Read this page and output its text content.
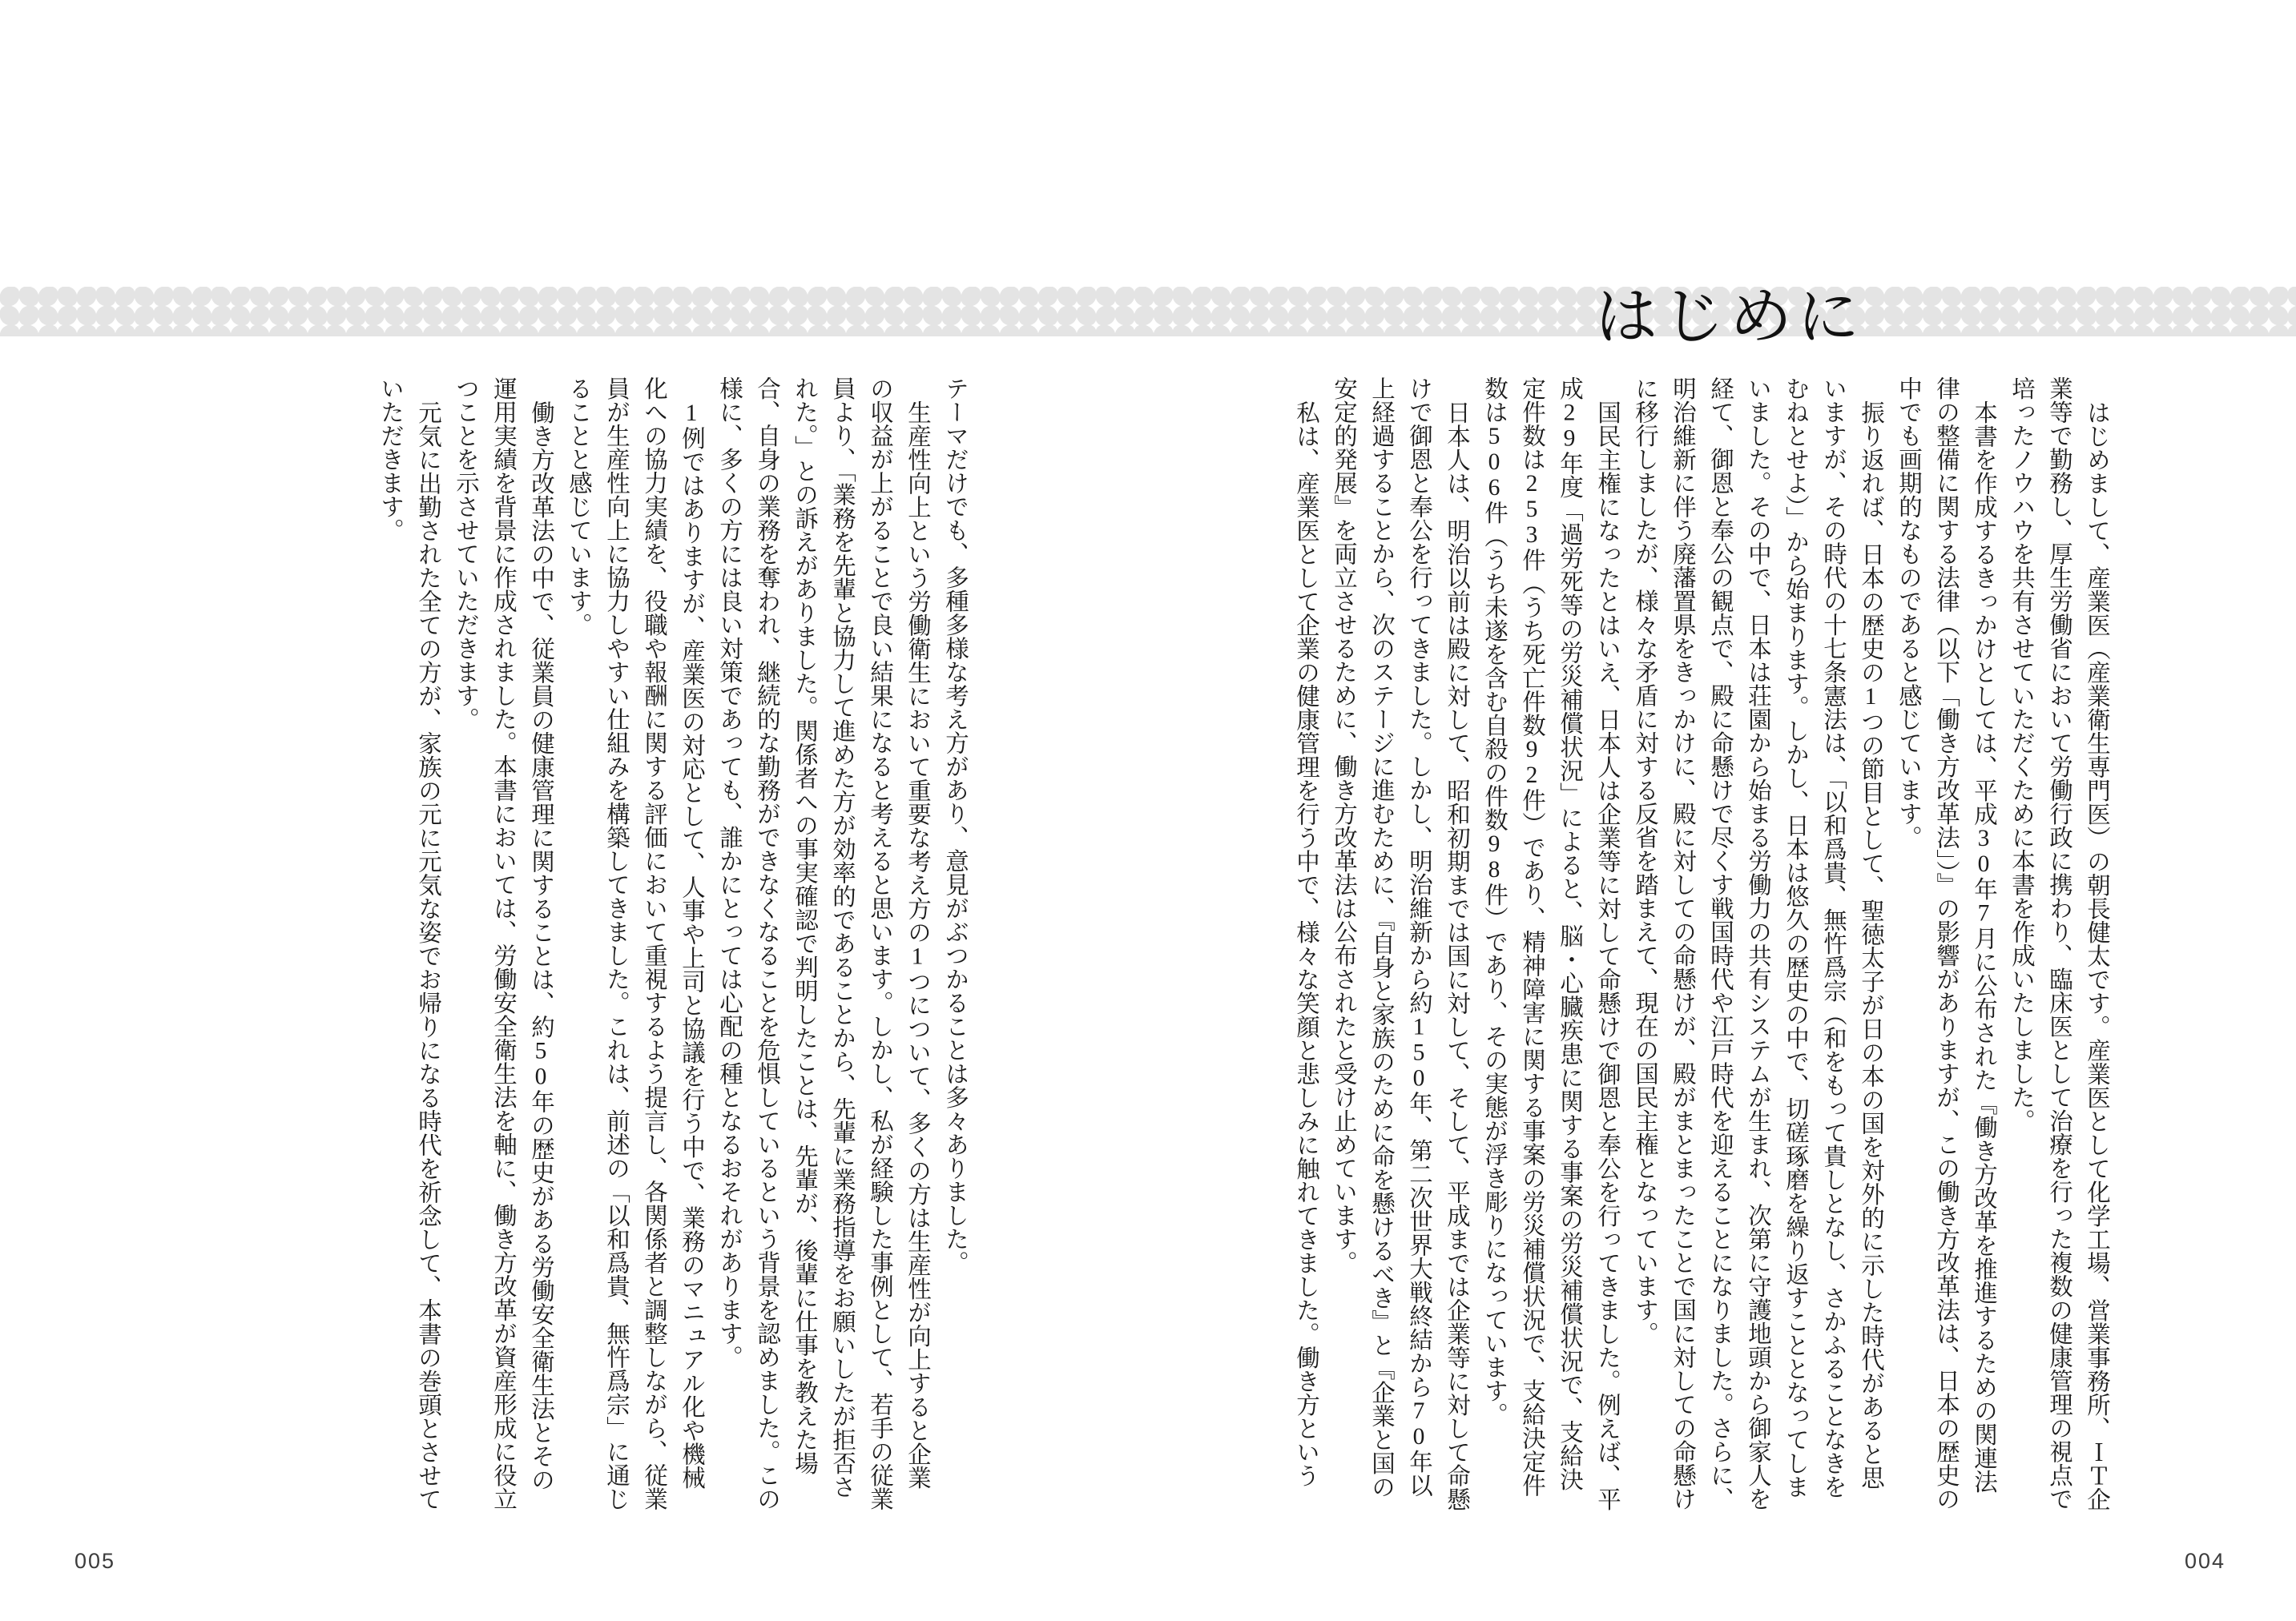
はじめに

はじめまして、産業医（産業衛生専門医）の朝長健太です。産業医として化学工場、営業事務所、ＩＴ企業等で勤務し、厚生労働省において労働行政に携わり、臨床医として治療を行った複数の健康管理の視点で培ったノウハウを共有させていただくために本書を作成いたしました。

本書を作成するきっかけとしては、平成30年7月に公布された『働き方改革を推進するための関連法律の整備に関する法律（以下「働き方改革法」）』の影響がありますが、この働き方改革法は、日本の歴史の中でも画期的なものであると感じています。

振り返れば、日本の歴史の1つの節目として、聖徳太子が日の本の国を対外的に示した時代があると思いますが、その時代の十七条憲法は、「以和爲貴、無忤爲宗（和をもって貴しとなし、さかふることなきをむねとせよ）」から始まります。しかし、日本は悠久の歴史の中で、切磋琢磨を繰り返すこととなってしまいました。その中で、日本は荘園から始まる労働力の共有システムが生まれ、次第に守護地頭から御家人を経て、御恩と奉公の観点で、殿に命懸けで尽くす戦国時代や江戸時代を迎えることになりました。さらに、明治維新に伴う廃藩置県をきっかけに、殿に対しての命懸けが、殿がまとまったことで国に対しての命懸けに移行しましたが、様々な矛盾に対する反省を踏まえて、現在の国民主権となっています。

国民主権になったとはいえ、日本人は企業等に対して命懸けで御恩と奉公を行ってきました。例えば、平成29年度「過労死等の労災補償状況」によると、脳・心臓疾患に関する事案の労災補償状況で、支給決定件数は253件（うち死亡件数92件）であり、精神障害に関する事案の労災補償状況で、支給決定件数は506件（うち未遂を含む自殺の件数98件）であり、その実態が浮き彫りになっています。

日本人は、明治以前は殿に対して、昭和初期までは国に対して、そして、平成までは企業等に対して命懸けで御恩と奉公を行ってきました。しかし、明治維新から約150年、第二次世界大戦終結から70年以上経過することから、次のステージに進むために、『自身と家族のために命を懸けるべき』と『企業と国の安定的発展』を両立させるために、働き方改革法は公布されたと受け止めています。

私は、産業医として企業の健康管理を行う中で、様々な笑顔と悲しみに触れてきました。働き方という

テーマだけでも、多種多様な考え方があり、意見がぶつかることは多々ありました。

生産性向上という労働衛生において重要な考え方の1つについて、多くの方は生産性が向上すると企業の収益が上がることで良い結果になると考えると思います。しかし、私が経験した事例として、若手の従業員より、「業務を先輩と協力して進めた方が効率的であることから、先輩に業務指導をお願いしたが拒否された。」との訴えがありました。関係者への事実確認で判明したことは、先輩が、後輩に仕事を教えた場合、自身の業務を奪われ、継続的な勤務ができなくなることを危惧しているという背景を認めました。この様に、多くの方には良い対策であっても、誰かにとっては心配の種となるおそれがあります。

1例ではありますが、産業医の対応として、人事や上司と協議を行う中で、業務のマニュアル化や機械化への協力実績を、役職や報酬に関する評価において重視するよう提言し、各関係者と調整しながら、従業員が生産性向上に協力しやすい仕組みを構築してきました。これは、前述の「以和爲貴、無忤爲宗」に通じることと感じています。

働き方改革法の中で、従業員の健康管理に関することは、約50年の歴史がある労働安全衛生法とその運用実績を背景に作成されました。本書においては、労働安全衛生法を軸に、働き方改革が資産形成に役立つことを示させていただきます。

元気に出勤された全ての方が、家族の元に元気な姿でお帰りになる時代を祈念して、本書の巻頭とさせていただきます。

005	004
